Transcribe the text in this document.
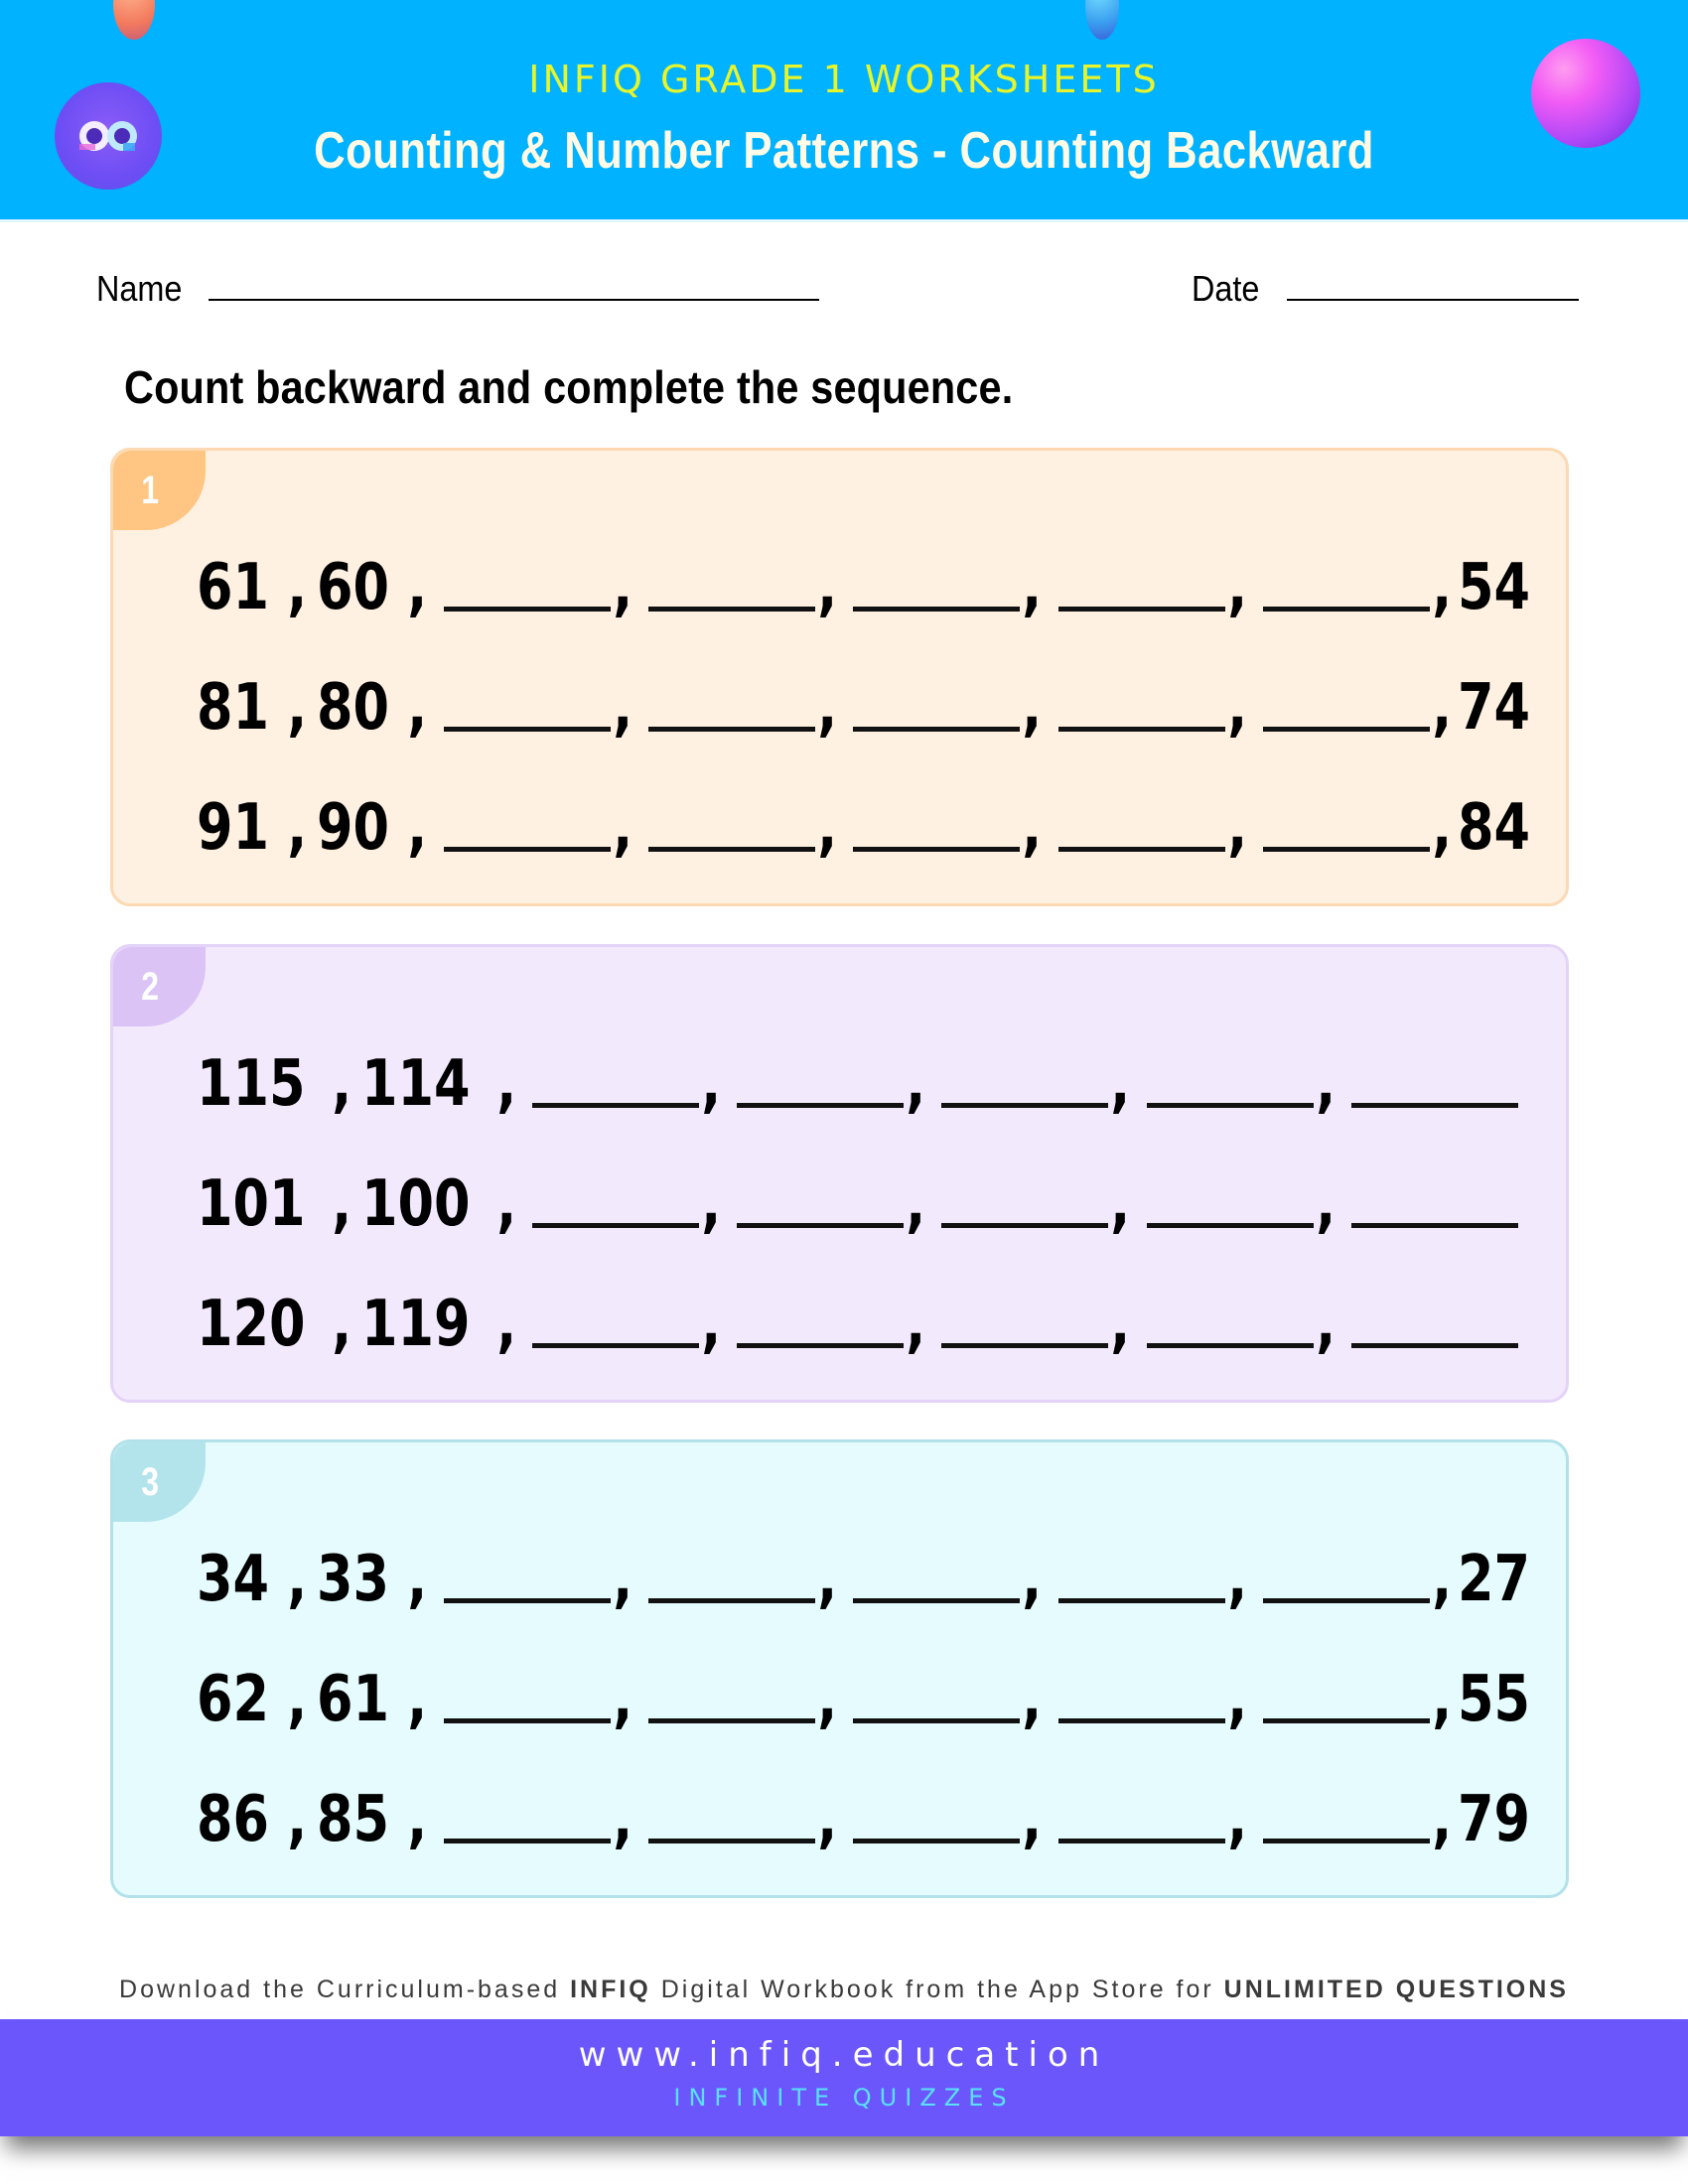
INFIQ GRADE 1 WORKSHEETS
Counting & Number Patterns - Counting Backward
Name	Date
Count backward and complete the sequence.
1
61 , 60 ,	,	,	,	,	, 54
81 , 80 ,	,	,	,	,	, 74
91 , 90 ,	,	,	,	,	, 84
2
115 , 114 ,	,	,	,	,
101 , 100 ,	,	,	,	,
120 , 119 ,	,	,	,	,
3
34 , 33 ,	,	,	,	,	, 27
62 , 61 ,	,	,	,	,	, 55
86 , 85 ,	,	,	,	,	, 79
Download the Curriculum-based INFIQ Digital Workbook from the App Store for UNLIMITED QUESTIONS
www.infiq.education
INFINITE QUIZZES
